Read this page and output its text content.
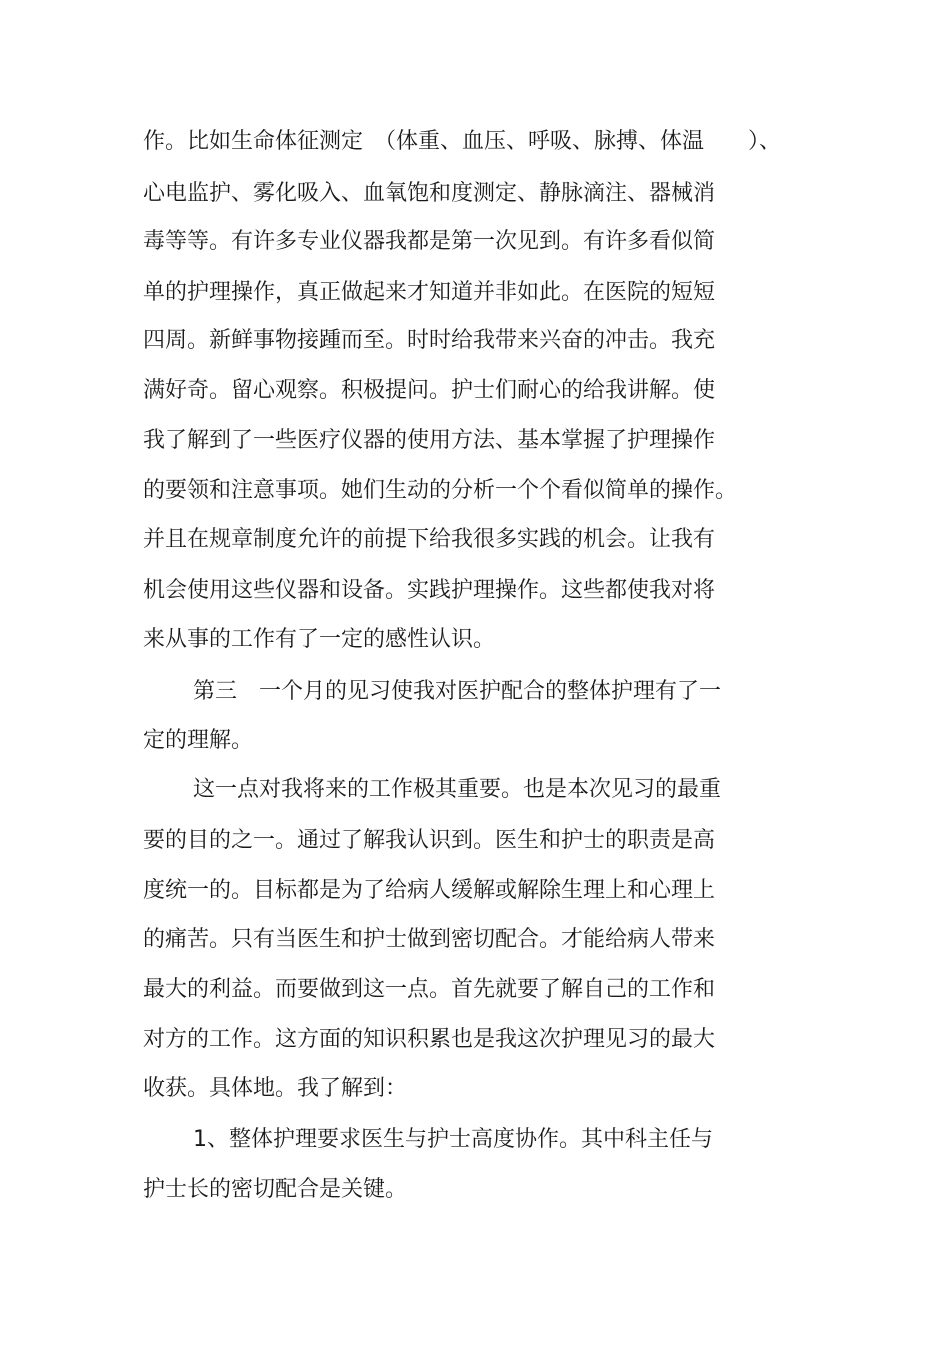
作。比如生命体征测定　（体重、血压、呼吸、脉搏、体温　　）、

心电监护、雾化吸入、血氧饱和度测定、静脉滴注、器械消

毒等等。有许多专业仪器我都是第一次见到。有许多看似简

单的护理操作，真正做起来才知道并非如此。在医院的短短

四周。新鲜事物接踵而至。时时给我带来兴奋的冲击。我充

满好奇。留心观察。积极提问。护士们耐心的给我讲解。使

我了解到了一些医疗仪器的使用方法、基本掌握了护理操作

的要领和注意事项。她们生动的分析一个个看似简单的操作。

并且在规章制度允许的前提下给我很多实践的机会。让我有

机会使用这些仪器和设备。实践护理操作。这些都使我对将

来从事的工作有了一定的感性认识。

第三　一个月的见习使我对医护配合的整体护理有了一

定的理解。

这一点对我将来的工作极其重要。也是本次见习的最重

要的目的之一。通过了解我认识到。医生和护士的职责是高

度统一的。目标都是为了给病人缓解或解除生理上和心理上

的痛苦。只有当医生和护士做到密切配合。才能给病人带来

最大的利益。而要做到这一点。首先就要了解自己的工作和

对方的工作。这方面的知识积累也是我这次护理见习的最大

收获。具体地。我了解到：

1、整体护理要求医生与护士高度协作。其中科主任与

护士长的密切配合是关键。
